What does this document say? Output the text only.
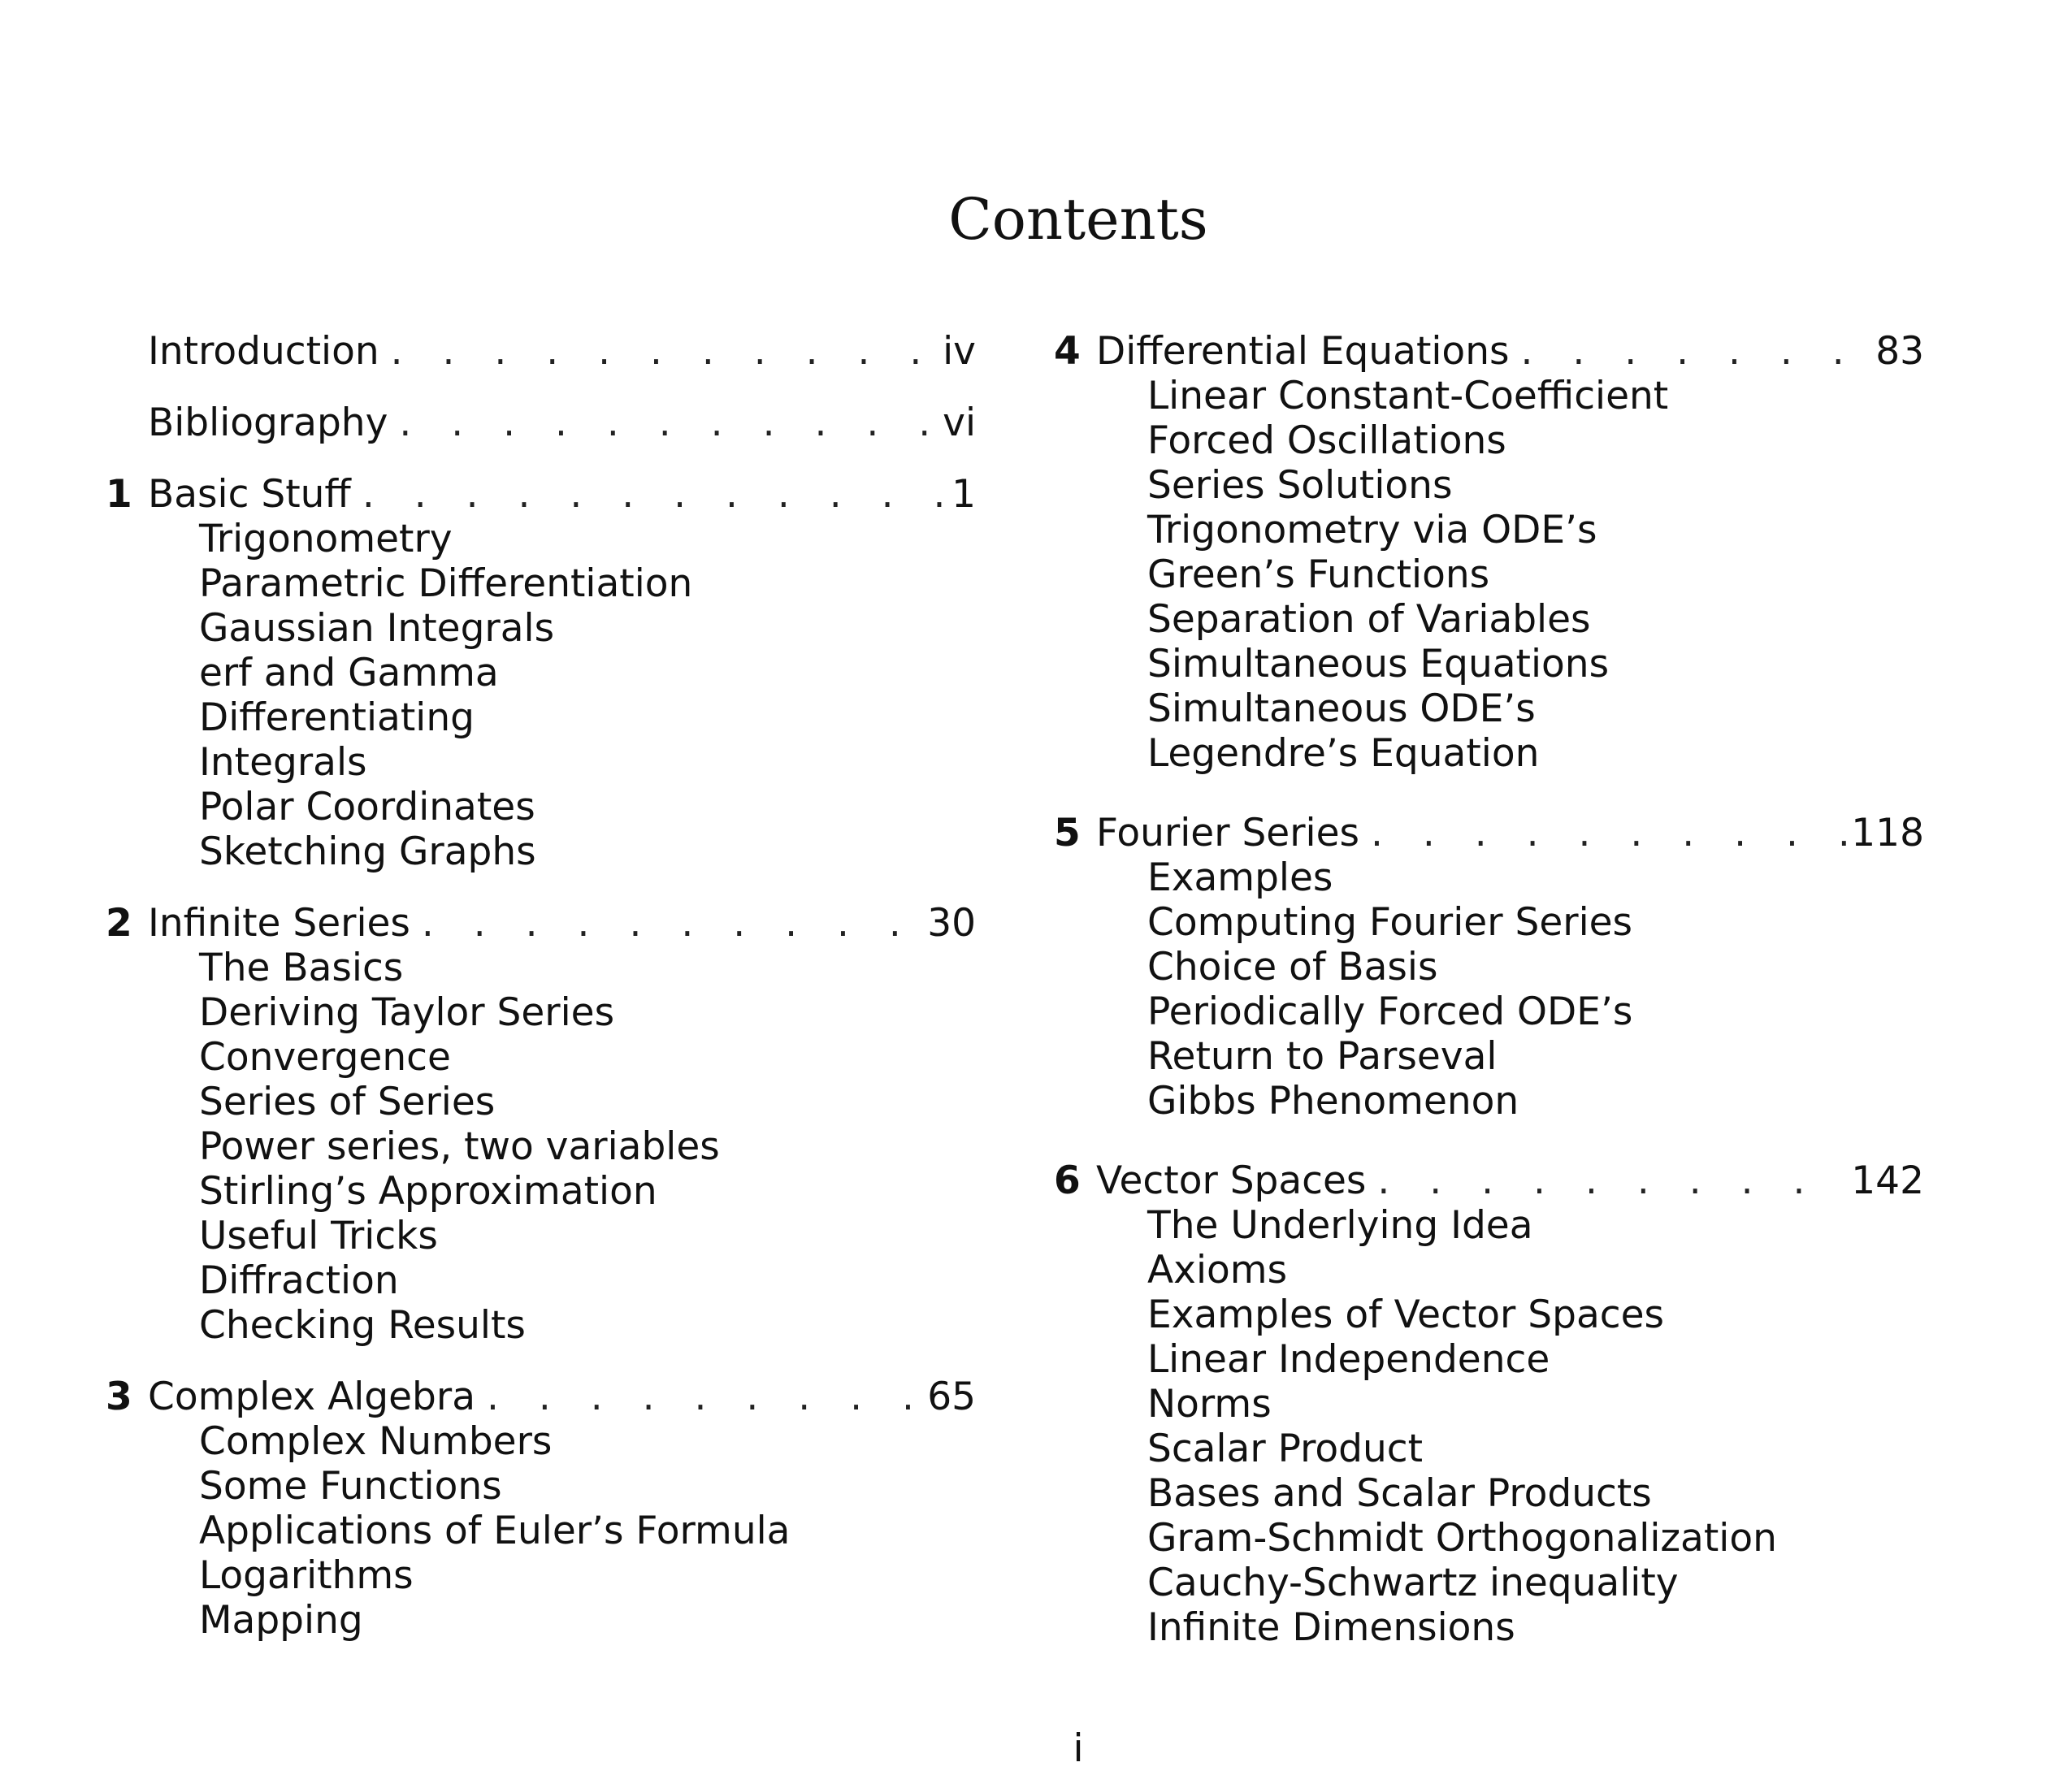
Contents
Introduction . . .	iv
Bibliography . . .	vi
1 Basic Stuff . . .	1
Trigonometry
Parametric Differentiation
Gaussian Integrals
erf and Gamma
Differentiating
Integrals
Polar Coordinates
Sketching Graphs
2 Infinite Series . . .	30
The Basics
Deriving Taylor Series
Convergence
Series of Series
Power series, two variables
Stirling’s Approximation
Useful Tricks
Diffraction
Checking Results
3 Complex Algebra . . .	65
Complex Numbers
Some Functions
Applications of Euler’s Formula
Logarithms
Mapping
4 Differential Equations . . .	83
Linear Constant-Coefficient
Forced Oscillations
Series Solutions
Trigonometry via ODE’s
Green’s Functions
Separation of Variables
Simultaneous Equations
Simultaneous ODE’s
Legendre’s Equation
5 Fourier Series . . .	118
Examples
Computing Fourier Series
Choice of Basis
Periodically Forced ODE’s
Return to Parseval
Gibbs Phenomenon
6 Vector Spaces . . .	142
The Underlying Idea
Axioms
Examples of Vector Spaces
Linear Independence
Norms
Scalar Product
Bases and Scalar Products
Gram-Schmidt Orthogonalization
Cauchy-Schwartz inequality
Infinite Dimensions
i
